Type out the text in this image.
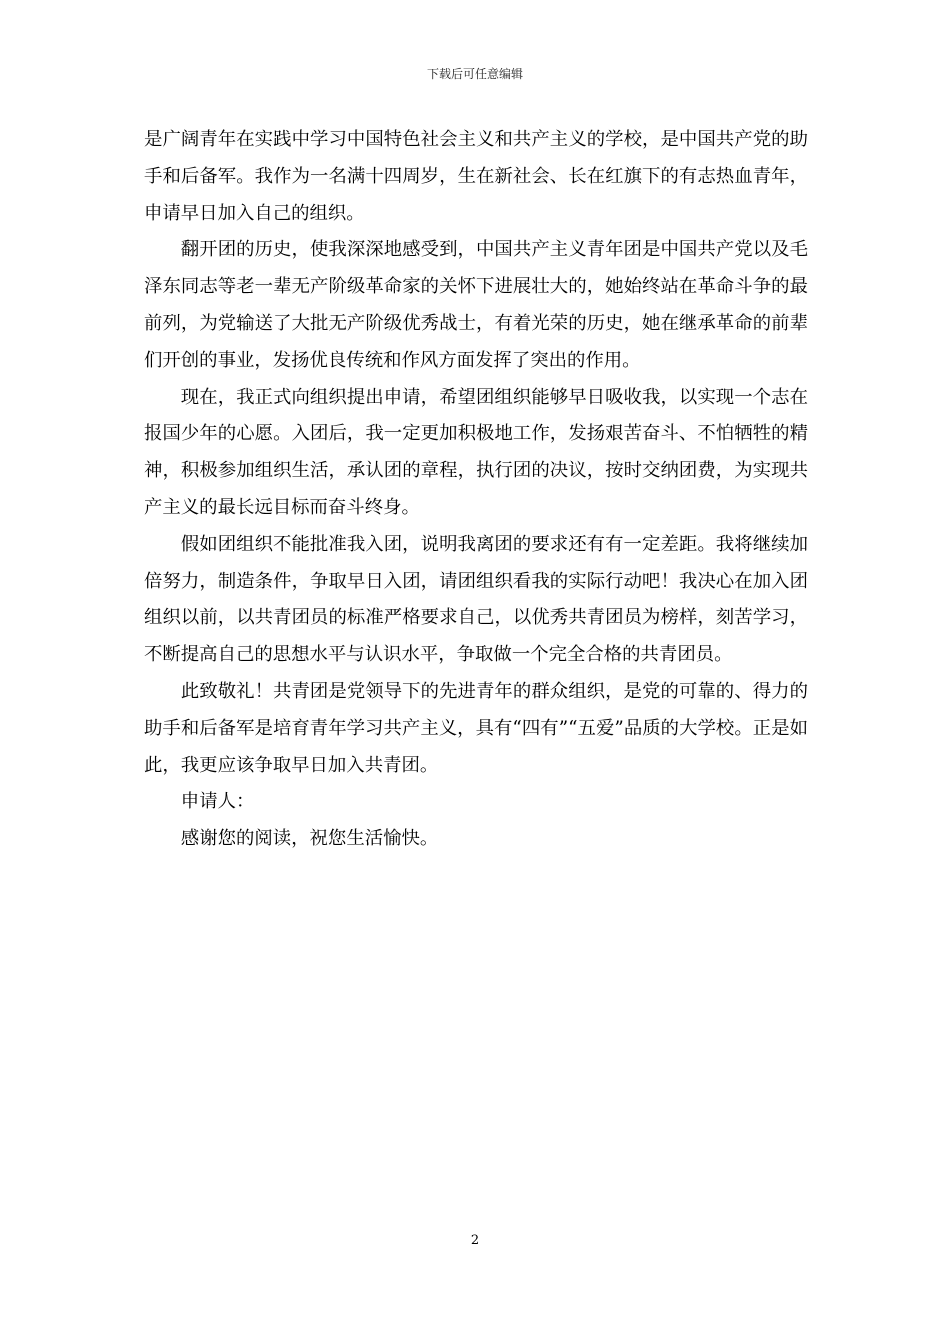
下载后可任意编辑

是广阔青年在实践中学习中国特色社会主义和共产主义的学校，是中国共产党的助手和后备军。我作为一名满十四周岁，生在新社会、长在红旗下的有志热血青年，申请早日加入自己的组织。

翻开团的历史，使我深深地感受到，中国共产主义青年团是中国共产党以及毛泽东同志等老一辈无产阶级革命家的关怀下进展壮大的，她始终站在革命斗争的最前列，为党输送了大批无产阶级优秀战士，有着光荣的历史，她在继承革命的前辈们开创的事业，发扬优良传统和作风方面发挥了突出的作用。

现在，我正式向组织提出申请，希望团组织能够早日吸收我，以实现一个志在报国少年的心愿。入团后，我一定更加积极地工作，发扬艰苦奋斗、不怕牺牲的精神，积极参加组织生活，承认团的章程，执行团的决议，按时交纳团费，为实现共产主义的最长远目标而奋斗终身。

假如团组织不能批准我入团，说明我离团的要求还有有一定差距。我将继续加倍努力，制造条件，争取早日入团，请团组织看我的实际行动吧！我决心在加入团组织以前，以共青团员的标准严格要求自己，以优秀共青团员为榜样，刻苦学习，不断提高自己的思想水平与认识水平，争取做一个完全合格的共青团员。

此致敬礼！共青团是党领导下的先进青年的群众组织，是党的可靠的、得力的助手和后备军是培育青年学习共产主义，具有“四有”“五爱”品质的大学校。正是如此，我更应该争取早日加入共青团。

申请人：

感谢您的阅读，祝您生活愉快。

2
